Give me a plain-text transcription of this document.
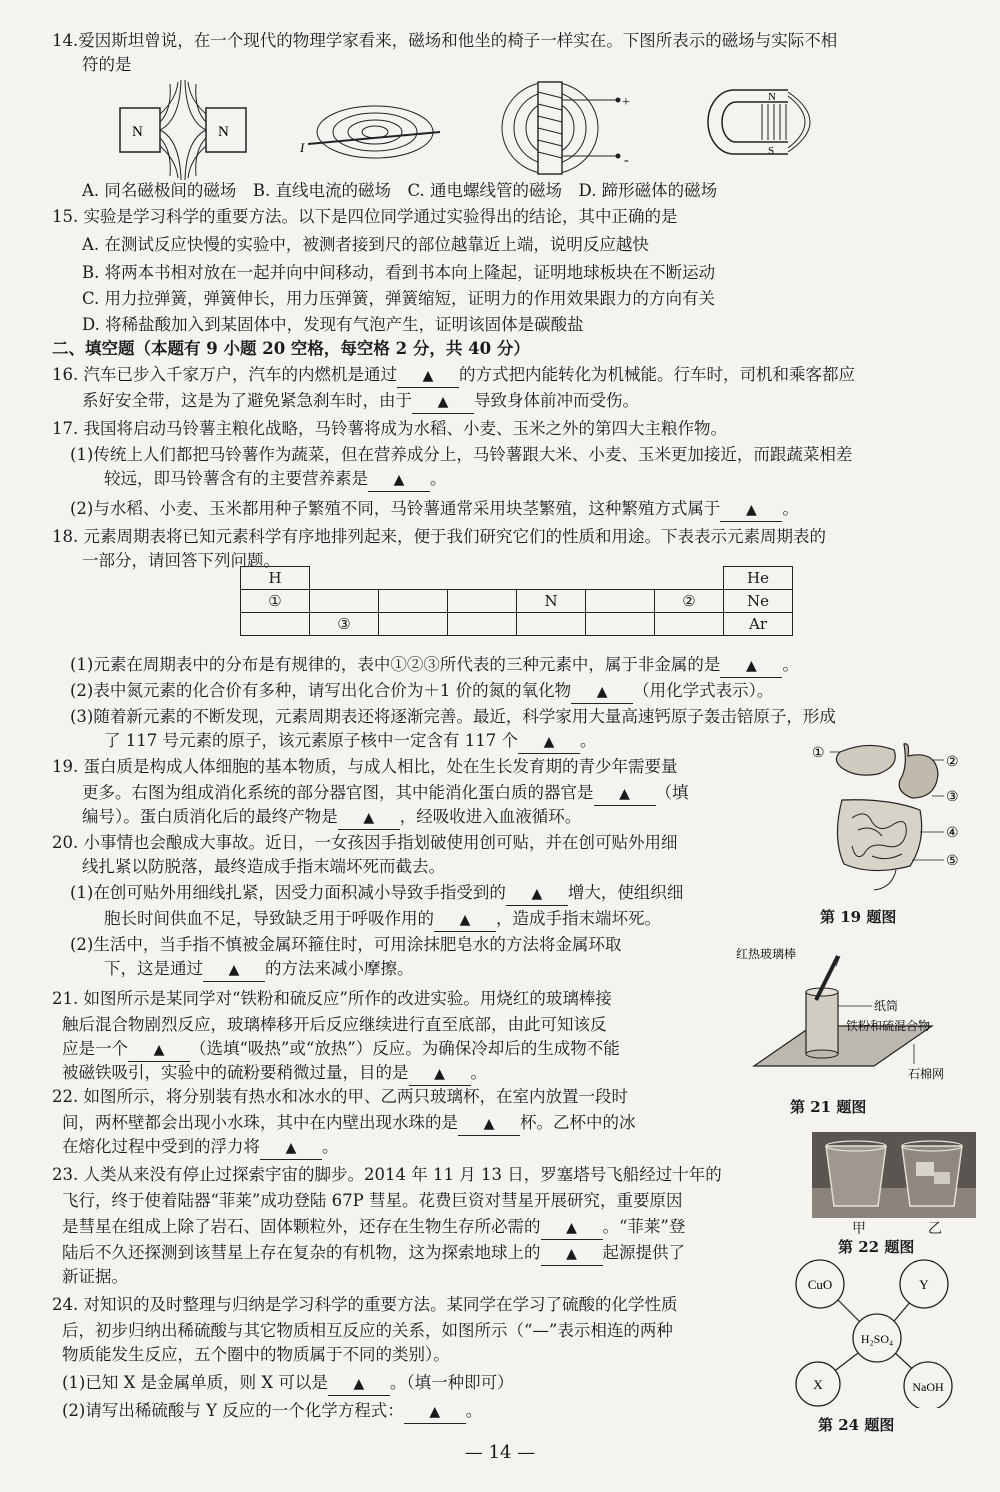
14.爱因斯坦曾说，在一个现代的物理学家看来，磁场和他坐的椅子一样实在。下图所表示的磁场与实际不相
符的是
N	N
I
+
-
N
S
A. 同名磁极间的磁场　B. 直线电流的磁场　C. 通电螺线管的磁场　D. 蹄形磁体的磁场
15. 实验是学习科学的重要方法。以下是四位同学通过实验得出的结论，其中正确的是
A. 在测试反应快慢的实验中，被测者接到尺的部位越靠近上端，说明反应越快
B. 将两本书相对放在一起并向中间移动，看到书本向上隆起，证明地球板块在不断运动
C. 用力拉弹簧，弹簧伸长，用力压弹簧，弹簧缩短，证明力的作用效果跟力的方向有关
D. 将稀盐酸加入到某固体中，发现有气泡产生，证明该固体是碳酸盐
二、填空题（本题有 9 小题 20 空格，每空格 2 分，共 40 分）
16. 汽车已步入千家万户，汽车的内燃机是通过 ▲ 的方式把内能转化为机械能。行车时，司机和乘客都应
系好安全带，这是为了避免紧急刹车时，由于 ▲ 导致身体前冲而受伤。
17. 我国将启动马铃薯主粮化战略，马铃薯将成为水稻、小麦、玉米之外的第四大主粮作物。
(1)传统上人们都把马铃薯作为蔬菜，但在营养成分上，马铃薯跟大米、小麦、玉米更加接近，而跟蔬菜相差
较远，即马铃薯含有的主要营养素是 ▲ 。
(2)与水稻、小麦、玉米都用种子繁殖不同，马铃薯通常采用块茎繁殖，这种繁殖方式属于 ▲ 。
18. 元素周期表将已知元素科学有序地排列起来，便于我们研究它们的性质和用途。下表表示元素周期表的
一部分，请回答下列问题。
H							He
①				N		②	Ne
	③						Ar
(1)元素在周期表中的分布是有规律的，表中①②③所代表的三种元素中，属于非金属的是 ▲ 。
(2)表中氮元素的化合价有多种，请写出化合价为＋1 价的氮的氧化物 ▲ （用化学式表示）。
(3)随着新元素的不断发现，元素周期表还将逐渐完善。最近，科学家用大量高速钙原子轰击锫原子，形成
了 117 号元素的原子，该元素原子核中一定含有 117 个 ▲ 。
19. 蛋白质是构成人体细胞的基本物质，与成人相比，处在生长发育期的青少年需要量
更多。右图为组成消化系统的部分器官图，其中能消化蛋白质的器官是 ▲ （填
编号）。蛋白质消化后的最终产物是 ▲ ，经吸收进入血液循环。
①
②
③
④
⑤
第 19 题图
20. 小事情也会酿成大事故。近日，一女孩因手指划破使用创可贴，并在创可贴外用细
线扎紧以防脱落，最终造成手指末端坏死而截去。
(1)在创可贴外用细线扎紧，因受力面积减小导致手指受到的 ▲ 增大，使组织细
胞长时间供血不足，导致缺乏用于呼吸作用的 ▲ ，造成手指末端坏死。
(2)生活中，当手指不慎被金属环箍住时，可用涂抹肥皂水的方法将金属环取
下，这是通过 ▲ 的方法来减小摩擦。
21. 如图所示是某同学对“铁粉和硫反应”所作的改进实验。用烧红的玻璃棒接
触后混合物剧烈反应，玻璃棒移开后反应继续进行直至底部，由此可知该反
应是一个 ▲ （选填“吸热”或“放热”）反应。为确保冷却后的生成物不能
被磁铁吸引，实验中的硫粉要稍微过量，目的是 ▲ 。
红热玻璃棒
纸筒
铁粉和硫混合物
石棉网
第 21 题图
22. 如图所示，将分别装有热水和冰水的甲、乙两只玻璃杯，在室内放置一段时
间，两杯壁都会出现小水珠，其中在内壁出现水珠的是 ▲ 杯。乙杯中的冰
在熔化过程中受到的浮力将 ▲ 。
甲	乙
第 22 题图
23. 人类从来没有停止过探索宇宙的脚步。2014 年 11 月 13 日，罗塞塔号飞船经过十年的
飞行，终于使着陆器“菲莱”成功登陆 67P 彗星。花费巨资对彗星开展研究，重要原因
是彗星在组成上除了岩石、固体颗粒外，还存在生物生存所必需的 ▲ 。“菲莱”登
陆后不久还探测到该彗星上存在复杂的有机物，这为探索地球上的 ▲ 起源提供了
新证据。
24. 对知识的及时整理与归纳是学习科学的重要方法。某同学在学习了硫酸的化学性质
后，初步归纳出稀硫酸与其它物质相互反应的关系，如图所示（“—”表示相连的两种
物质能发生反应，五个圈中的物质属于不同的类别）。
(1)已知 X 是金属单质，则 X 可以是 ▲ 。（填一种即可）
(2)请写出稀硫酸与 Y 反应的一个化学方程式： ▲ 。
CuO	Y
H₂SO₄
X	NaOH
第 24 题图
— 14 —
